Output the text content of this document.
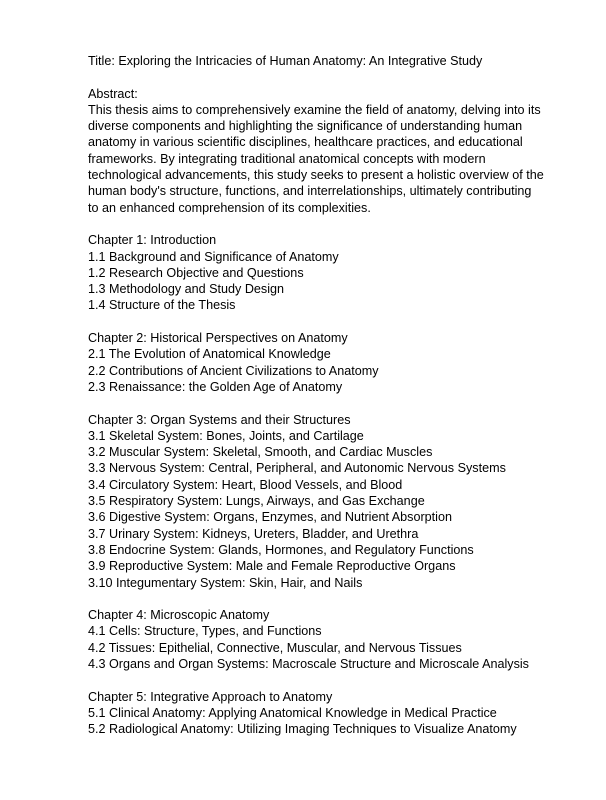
Title: Exploring the Intricacies of Human Anatomy: An Integrative Study
Abstract:
This thesis aims to comprehensively examine the field of anatomy, delving into its
diverse components and highlighting the significance of understanding human
anatomy in various scientific disciplines, healthcare practices, and educational
frameworks. By integrating traditional anatomical concepts with modern
technological advancements, this study seeks to present a holistic overview of the
human body's structure, functions, and interrelationships, ultimately contributing
to an enhanced comprehension of its complexities.
Chapter 1: Introduction
1.1 Background and Significance of Anatomy
1.2 Research Objective and Questions
1.3 Methodology and Study Design
1.4 Structure of the Thesis
Chapter 2: Historical Perspectives on Anatomy
2.1 The Evolution of Anatomical Knowledge
2.2 Contributions of Ancient Civilizations to Anatomy
2.3 Renaissance: the Golden Age of Anatomy
Chapter 3: Organ Systems and their Structures
3.1 Skeletal System: Bones, Joints, and Cartilage
3.2 Muscular System: Skeletal, Smooth, and Cardiac Muscles
3.3 Nervous System: Central, Peripheral, and Autonomic Nervous Systems
3.4 Circulatory System: Heart, Blood Vessels, and Blood
3.5 Respiratory System: Lungs, Airways, and Gas Exchange
3.6 Digestive System: Organs, Enzymes, and Nutrient Absorption
3.7 Urinary System: Kidneys, Ureters, Bladder, and Urethra
3.8 Endocrine System: Glands, Hormones, and Regulatory Functions
3.9 Reproductive System: Male and Female Reproductive Organs
3.10 Integumentary System: Skin, Hair, and Nails
Chapter 4: Microscopic Anatomy
4.1 Cells: Structure, Types, and Functions
4.2 Tissues: Epithelial, Connective, Muscular, and Nervous Tissues
4.3 Organs and Organ Systems: Macroscale Structure and Microscale Analysis
Chapter 5: Integrative Approach to Anatomy
5.1 Clinical Anatomy: Applying Anatomical Knowledge in Medical Practice
5.2 Radiological Anatomy: Utilizing Imaging Techniques to Visualize Anatomy
